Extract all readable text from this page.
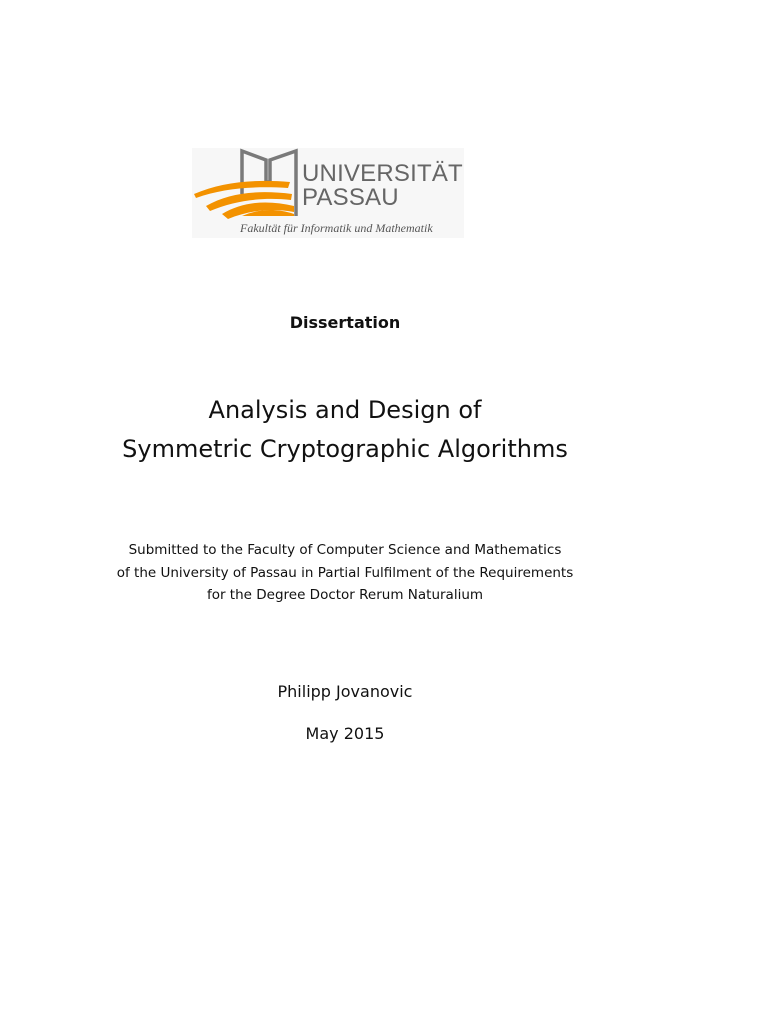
UNIVERSITÄT
PASSAU
Fakultät für Informatik und Mathematik
Dissertation
Analysis and Design of
Symmetric Cryptographic Algorithms
Submitted to the Faculty of Computer Science and Mathematics
of the University of Passau in Partial Fulfilment of the Requirements
for the Degree Doctor Rerum Naturalium
Philipp Jovanovic
May 2015
